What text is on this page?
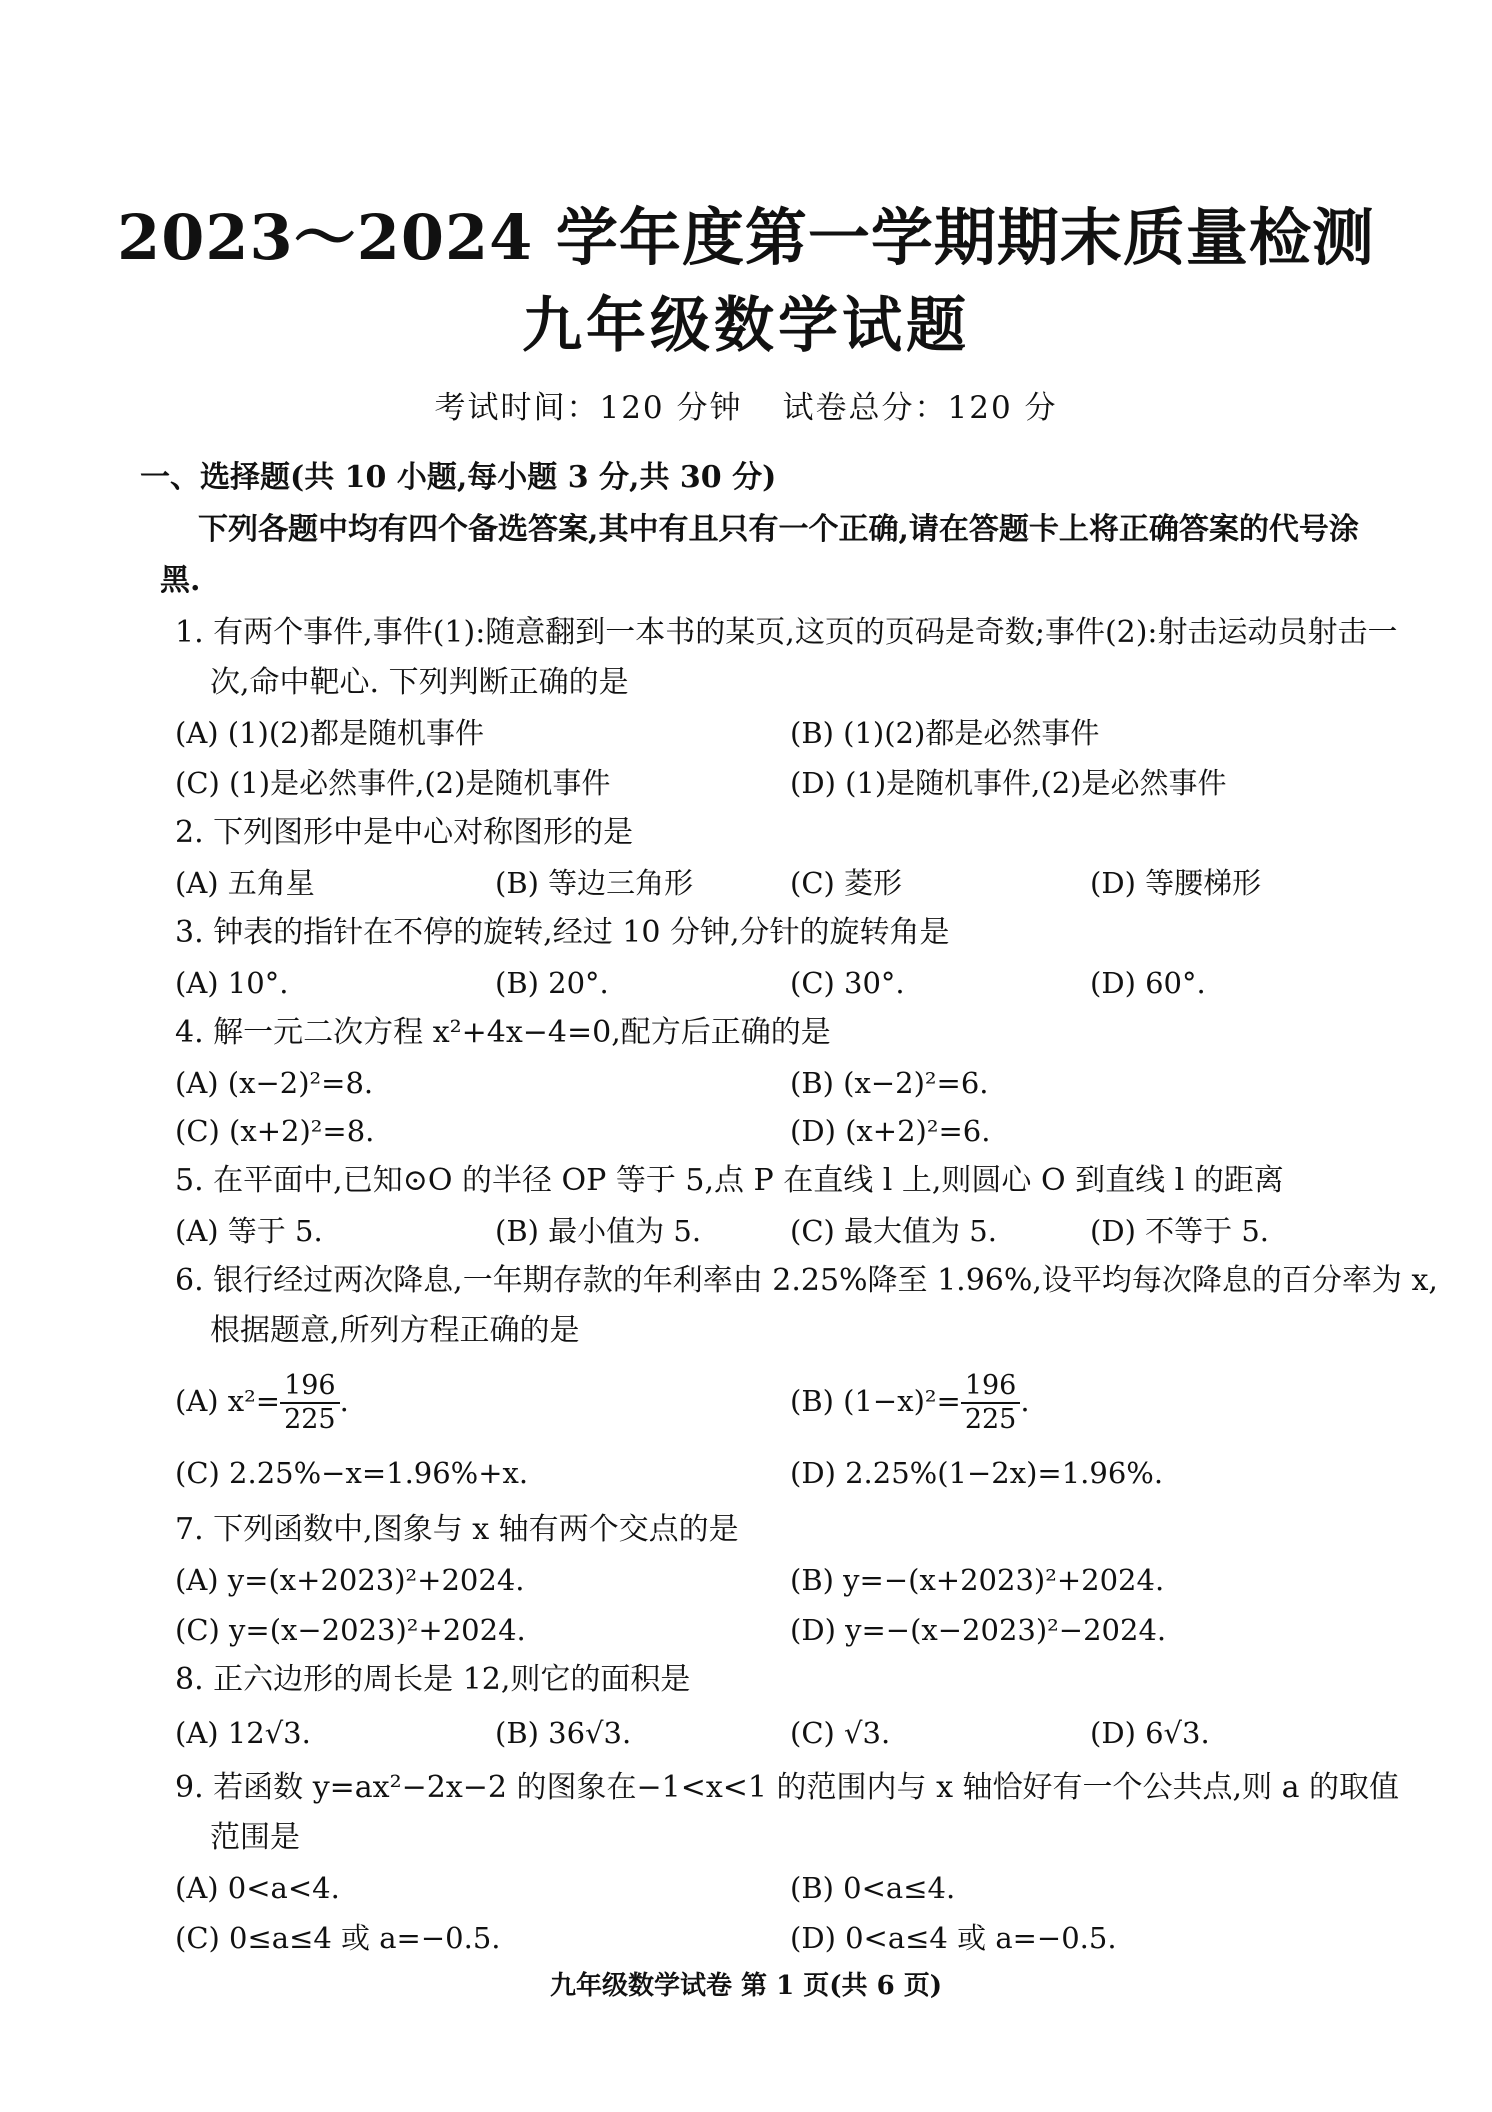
2023～2024 学年度第一学期期末质量检测
九年级数学试题
考试时间：120 分钟 试卷总分：120 分
一、选择题(共 10 小题,每小题 3 分,共 30 分)
下列各题中均有四个备选答案,其中有且只有一个正确,请在答题卡上将正确答案的代号涂
黑.
1. 有两个事件,事件(1):随意翻到一本书的某页,这页的页码是奇数;事件(2):射击运动员射击一
次,命中靶心. 下列判断正确的是
(A) (1)(2)都是随机事件	(B) (1)(2)都是必然事件
(C) (1)是必然事件,(2)是随机事件	(D) (1)是随机事件,(2)是必然事件
2. 下列图形中是中心对称图形的是
(A) 五角星	(B) 等边三角形	(C) 菱形	(D) 等腰梯形
3. 钟表的指针在不停的旋转,经过 10 分钟,分针的旋转角是
(A) 10°.	(B) 20°.	(C) 30°.	(D) 60°.
4. 解一元二次方程 x²+4x−4=0,配方后正确的是
(A) (x−2)²=8.	(B) (x−2)²=6.
(C) (x+2)²=8.	(D) (x+2)²=6.
5. 在平面中,已知⊙O 的半径 OP 等于 5,点 P 在直线 l 上,则圆心 O 到直线 l 的距离
(A) 等于 5.	(B) 最小值为 5.	(C) 最大值为 5.	(D) 不等于 5.
6. 银行经过两次降息,一年期存款的年利率由 2.25%降至 1.96%,设平均每次降息的百分率为 x,
根据题意,所列方程正确的是
(A) $x^2= \frac{196}{225}$ .	(B) $(1-x)^2= \frac{196}{225}$ .
(C) 2.25%−x=1.96%+x.	(D) 2.25%(1−2x)=1.96%.
7. 下列函数中,图象与 x 轴有两个交点的是
(A) y=(x+2023)²+2024.	(B) y=−(x+2023)²+2024.
(C) y=(x−2023)²+2024.	(D) y=−(x−2023)²−2024.
8. 正六边形的周长是 12,则它的面积是
(A) 12√3.	(B) 36√3.	(C) √3.	(D) 6√3.
9. 若函数 y=ax²−2x−2 的图象在−1<x<1 的范围内与 x 轴恰好有一个公共点,则 a 的取值
范围是
(A) 0<a<4.	(B) 0<a≤4.
(C) 0≤a≤4 或 a=−0.5.	(D) 0<a≤4 或 a=−0.5.
九年级数学试卷 第 1 页(共 6 页)
